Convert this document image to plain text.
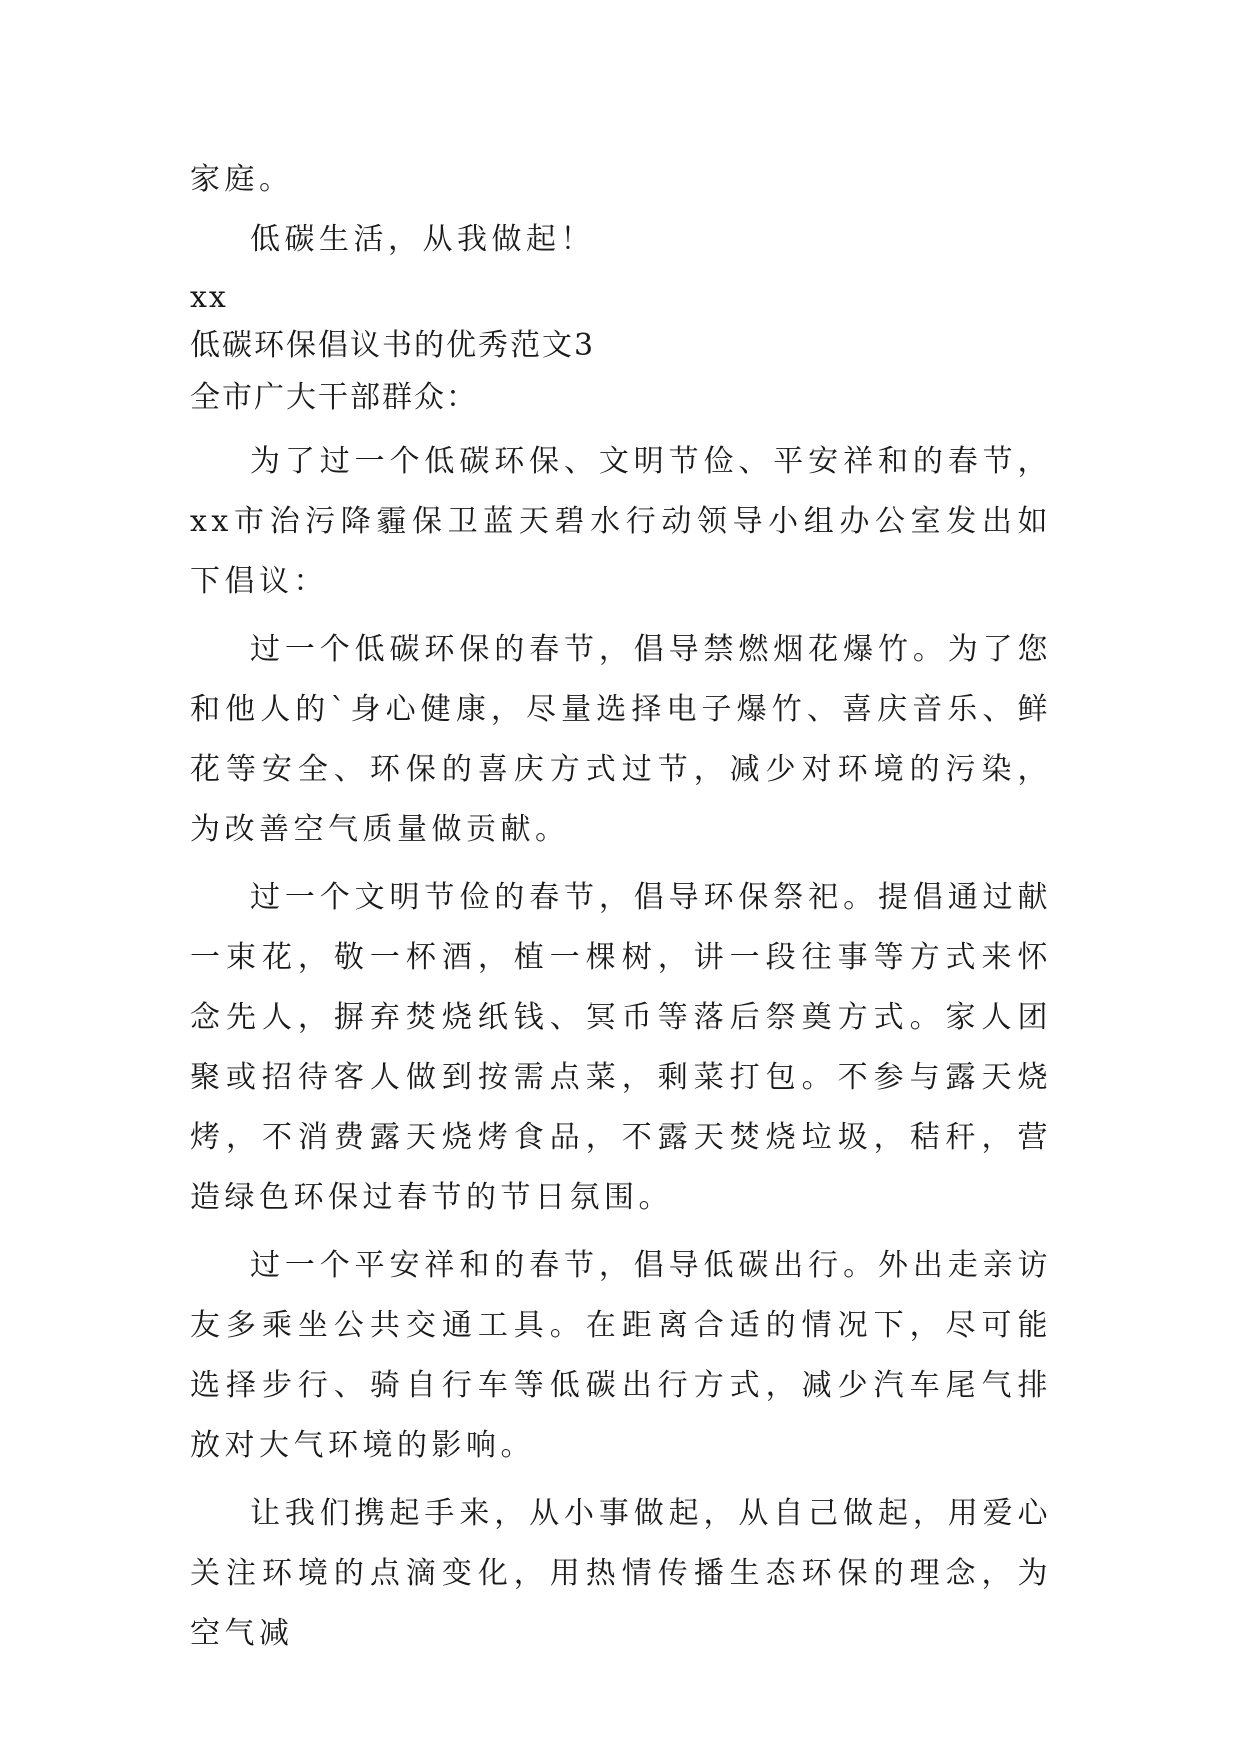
家庭。

低碳生活，从我做起！

xx
低碳环保倡议书的优秀范文3
全市广大干部群众：

为了过一个低碳环保、文明节俭、平安祥和的春节，xx市治污降霾保卫蓝天碧水行动领导小组办公室发出如下倡议：

过一个低碳环保的春节，倡导禁燃烟花爆竹。为了您和他人的`身心健康，尽量选择电子爆竹、喜庆音乐、鲜花等安全、环保的喜庆方式过节，减少对环境的污染，为改善空气质量做贡献。

过一个文明节俭的春节，倡导环保祭祀。提倡通过献一束花，敬一杯酒，植一棵树，讲一段往事等方式来怀念先人，摒弃焚烧纸钱、冥币等落后祭奠方式。家人团聚或招待客人做到按需点菜，剩菜打包。不参与露天烧烤，不消费露天烧烤食品，不露天焚烧垃圾，秸秆，营造绿色环保过春节的节日氛围。

过一个平安祥和的春节，倡导低碳出行。外出走亲访友多乘坐公共交通工具。在距离合适的情况下，尽可能选择步行、骑自行车等低碳出行方式，减少汽车尾气排放对大气环境的影响。

让我们携起手来，从小事做起，从自己做起，用爱心关注环境的点滴变化，用热情传播生态环保的理念，为空气减
